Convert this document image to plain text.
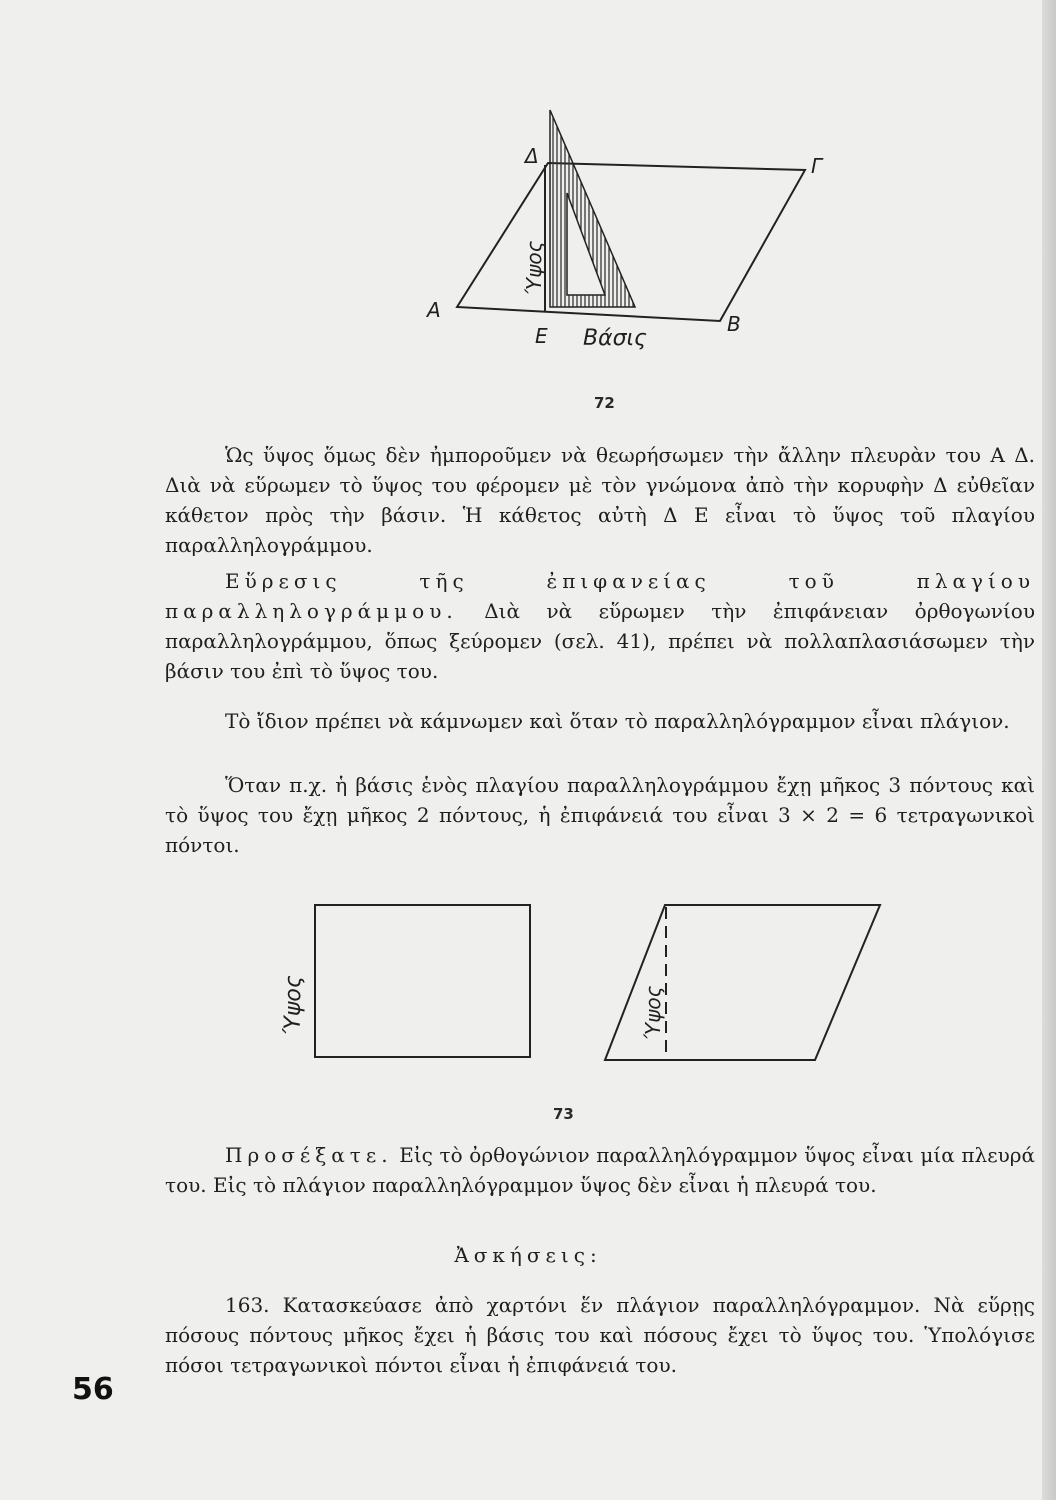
Δ	Γ
A
E	B
Βάσις
Ύψος
72

Ὡς ὕψος ὅμως δὲν ἠμποροῦμεν νὰ θεωρήσωμεν τὴν ἄλλην πλευρὰν του Α Δ. Διὰ νὰ εὕρωμεν τὸ ὕψος του φέρομεν μὲ τὸν γνώμονα ἀπὸ τὴν κορυφὴν Δ εὐθεῖαν κάθετον πρὸς τὴν βάσιν. Ἡ κάθετος αὐτὴ Δ Ε εἶναι τὸ ὕψος τοῦ πλαγίου παραλληλογράμμου.

Εὕρεσις τῆς ἐπιφανείας τοῦ πλαγίου παραλληλογράμμου. Διὰ νὰ εὕρωμεν τὴν ἐπιφάνειαν ὀρθογωνίου παραλληλογράμμου, ὅπως ξεύρομεν (σελ. 41), πρέπει νὰ πολλαπλασιάσωμεν τὴν βάσιν του ἐπὶ τὸ ὕψος του.

Τὸ ἴδιον πρέπει νὰ κάμνωμεν καὶ ὅταν τὸ παραλληλόγραμμον εἶναι πλάγιον.

Ὅταν π.χ. ἡ βάσις ἑνὸς πλαγίου παραλληλογράμμου ἔχῃ μῆκος 3 πόντους καὶ τὸ ὕψος του ἔχῃ μῆκος 2 πόντους, ἡ ἐπιφάνειά του εἶναι 3 × 2 = 6 τετραγωνικοὶ πόντοι.

Ύψος	Ύψος
73

Προσέξατε. Εἰς τὸ ὀρθογώνιον παραλληλόγραμμον ὕψος εἶναι μία πλευρά του. Εἰς τὸ πλάγιον παραλληλόγραμμον ὕψος δὲν εἶναι ἡ πλευρά του.

Ἀσκήσεις:

163. Κατασκεύασε ἀπὸ χαρτόνι ἕν πλάγιον παραλληλόγραμμον. Νὰ εὕρῃς πόσους πόντους μῆκος ἔχει ἡ βάσις του καὶ πόσους ἔχει τὸ ὕψος του. Ὑπολόγισε πόσοι τετραγωνικοὶ πόντοι εἶναι ἡ ἐπιφάνειά του.

56
